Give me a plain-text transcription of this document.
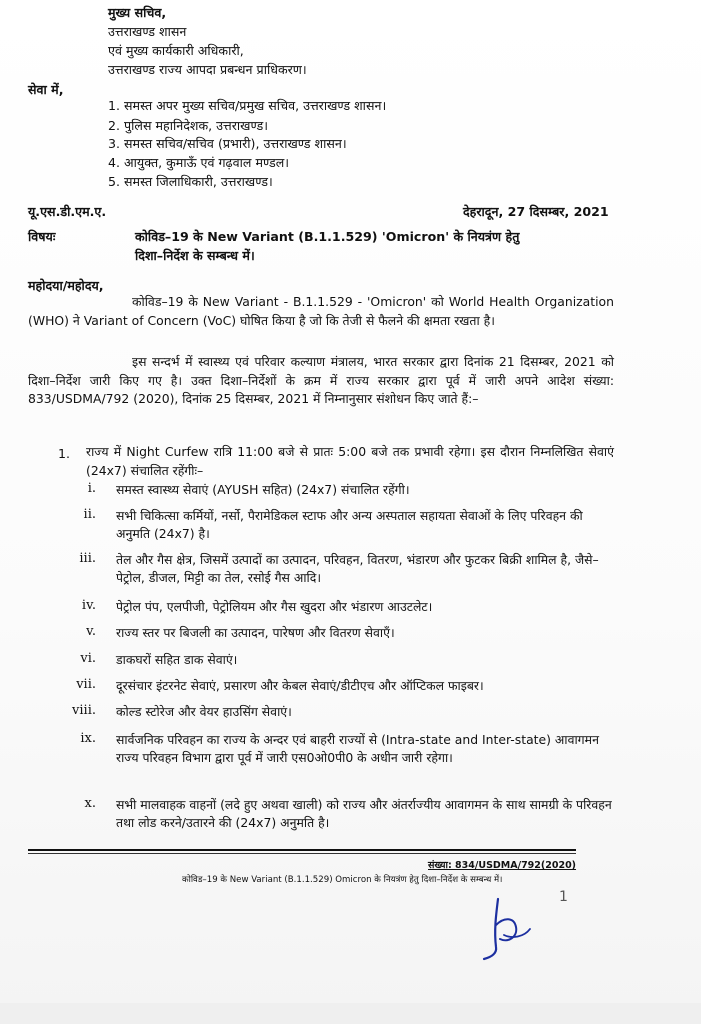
मुख्य सचिव,
उत्तराखण्ड शासन
एवं मुख्य कार्यकारी अधिकारी,
उत्तराखण्ड राज्य आपदा प्रबन्धन प्राधिकरण।
सेवा में,
1. समस्त अपर मुख्य सचिव/प्रमुख सचिव, उत्तराखण्ड शासन।
2. पुलिस महानिदेशक, उत्तराखण्ड।
3. समस्त सचिव/सचिव (प्रभारी), उत्तराखण्ड शासन।
4. आयुक्त, कुमाऊँ एवं गढ़वाल मण्डल।
5. समस्त जिलाधिकारी, उत्तराखण्ड।
यू.एस.डी.एम.ए.	देहरादून, 27 दिसम्बर, 2021
विषयः	कोविड–19 के New Variant (B.1.1.529) 'Omicron' के नियत्रंण हेतु
दिशा–निर्देश के सम्बन्ध में।
महोदया/महोदय,
कोविड–19 के New Variant - B.1.1.529 - 'Omicron' को World Health Organization (WHO) ने Variant of Concern (VoC) घोषित किया है जो कि तेजी से फैलने की क्षमता रखता है।
इस सन्दर्भ में स्वास्थ्य एवं परिवार कल्याण मंत्रालय, भारत सरकार द्वारा दिनांक 21 दिसम्बर, 2021 को दिशा–निर्देश जारी किए गए है। उक्त दिशा–निर्देशों के क्रम में राज्य सरकार द्वारा पूर्व में जारी अपने आदेश संख्या: 833/USDMA/792 (2020), दिनांक 25 दिसम्बर, 2021 में निम्नानुसार संशोधन किए जाते हैं:–
1. राज्य में Night Curfew रात्रि 11:00 बजे से प्रातः 5:00 बजे तक प्रभावी रहेगा। इस दौरान निम्नलिखित सेवाएं (24x7) संचालित रहेंगीः–
i. समस्त स्वास्थ्य सेवाएं (AYUSH सहित) (24x7) संचालित रहेंगी।
ii. सभी चिकित्सा कर्मियों, नर्सो, पैरामेडिकल स्टाफ और अन्य अस्पताल सहायता सेवाओं के लिए परिवहन की अनुमति (24x7) है।
iii. तेल और गैस क्षेत्र, जिसमें उत्पादों का उत्पादन, परिवहन, वितरण, भंडारण और फुटकर बिक्री शामिल है, जैसे–पेट्रोल, डीजल, मिट्टी का तेल, रसोई गैस आदि।
iv. पेट्रोल पंप, एलपीजी, पेट्रोलियम और गैस खुदरा और भंडारण आउटलेट।
v. राज्य स्तर पर बिजली का उत्पादन, पारेषण और वितरण सेवाएँ।
vi. डाकघरों सहित डाक सेवाएं।
vii. दूरसंचार इंटरनेट सेवाएं, प्रसारण और केबल सेवाएं/डीटीएच और ऑप्टिकल फाइबर।
viii. कोल्ड स्टोरेज और वेयर हाउसिंग सेवाएं।
ix. सार्वजनिक परिवहन का राज्य के अन्दर एवं बाहरी राज्यों से (Intra-state and Inter-state) आवागमन राज्य परिवहन विभाग द्वारा पूर्व में जारी एस0ओ0पी0 के अधीन जारी रहेगा।
x. सभी मालवाहक वाहनों (लदे हुए अथवा खाली) को राज्य और अंतर्राज्यीय आवागमन के साथ सामग्री के परिवहन तथा लोड करने/उतारने की (24x7) अनुमति है।
संख्या: 834/USDMA/792(2020)
कोविड–19 के New Variant (B.1.1.529) Omicron के नियत्रंण हेतु दिशा–निर्देश के सम्बन्ध में।
1
